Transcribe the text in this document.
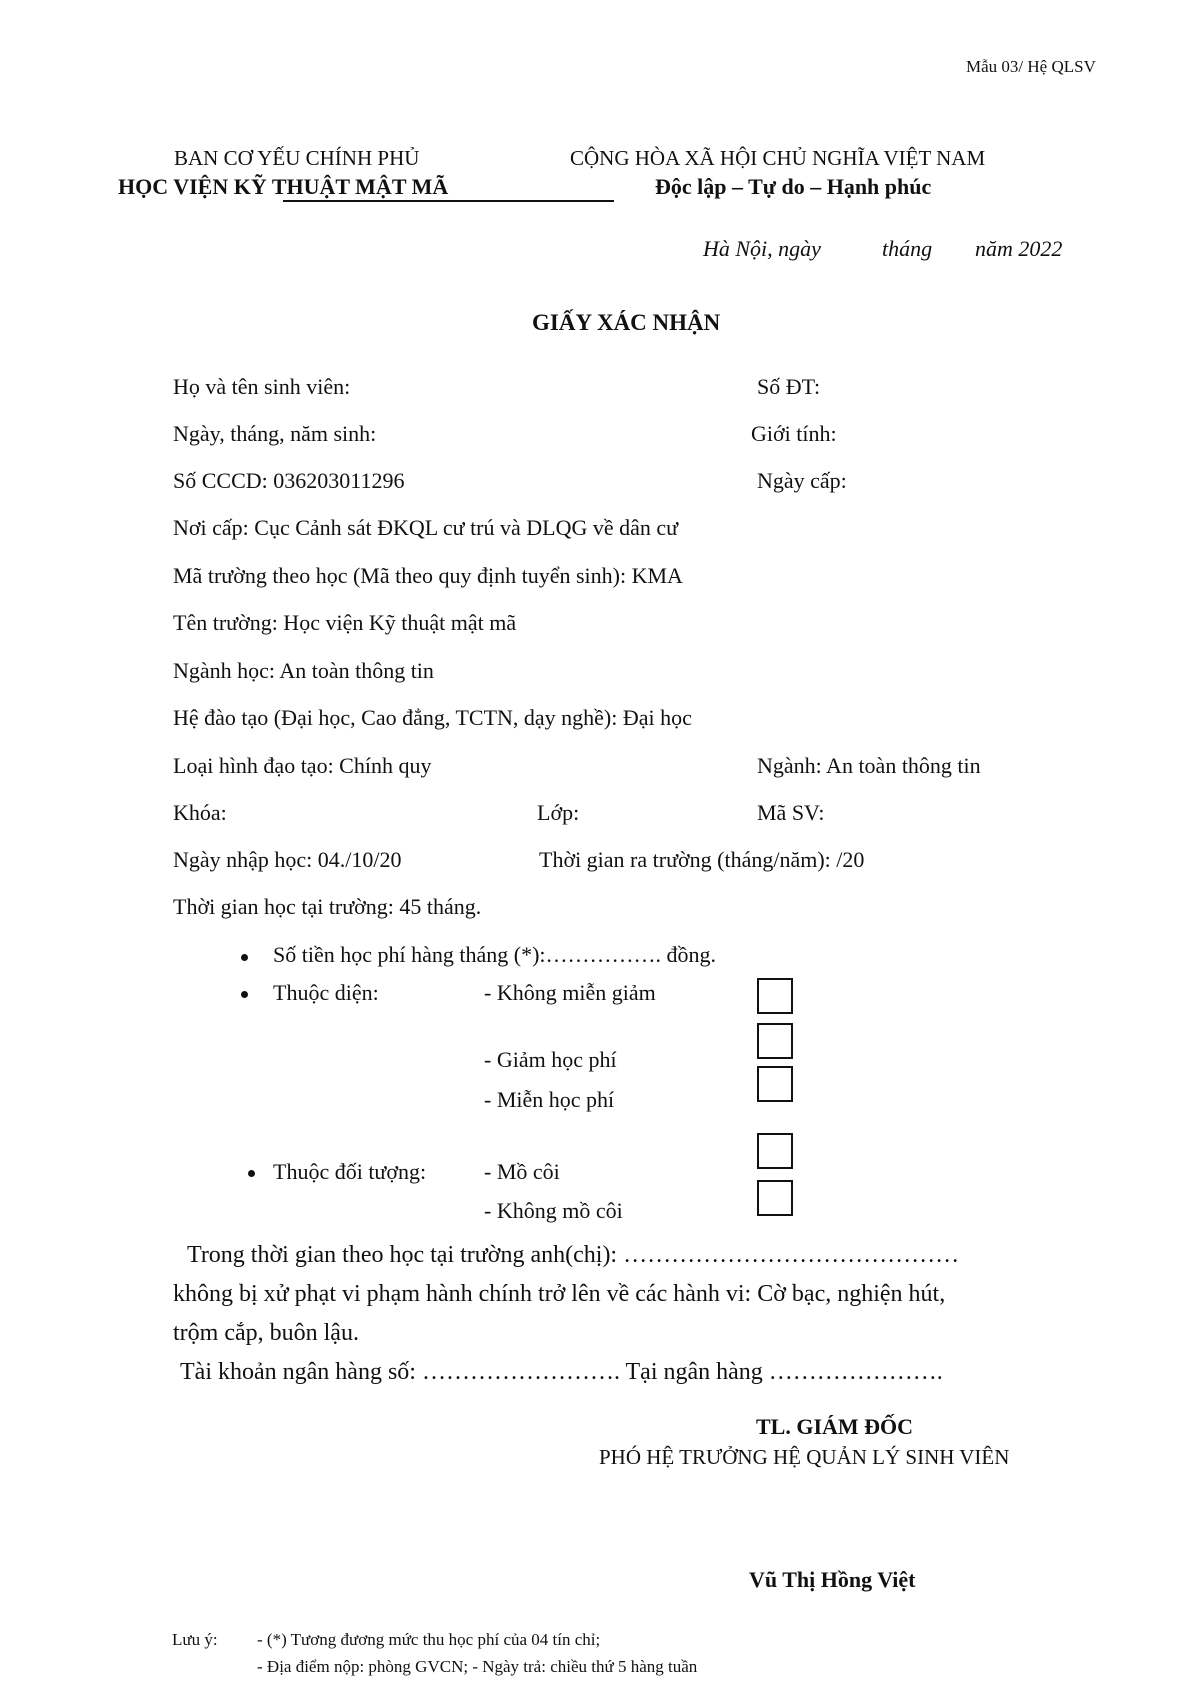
Mẫu 03/ Hệ QLSV
BAN CƠ YẾU CHÍNH PHỦ
HỌC VIỆN KỸ THUẬT MẬT MÃ
CỘNG HÒA XÃ HỘI CHỦ NGHĨA VIỆT NAM
Độc lập – Tự do – Hạnh phúc
Hà Nội, ngày	tháng năm 2022
GIẤY XÁC NHẬN
Họ và tên sinh viên:	Số ĐT:
Ngày, tháng, năm sinh:	Giới tính:
Số CCCD: 036203011296	Ngày cấp:
Nơi cấp: Cục Cảnh sát ĐKQL cư trú và DLQG về dân cư
Mã trường theo học (Mã theo quy định tuyển sinh): KMA
Tên trường: Học viện Kỹ thuật mật mã
Ngành học: An toàn thông tin
Hệ đào tạo (Đại học, Cao đẳng, TCTN, dạy nghề): Đại học
Loại hình đạo tạo: Chính quy	Ngành: An toàn thông tin
Khóa:	Lớp:	Mã SV:
Ngày nhập học: 04./10/20	Thời gian ra trường (tháng/năm): /20
Thời gian học tại trường: 45 tháng.
Số tiền học phí hàng tháng (*):……………. đồng.
Thuộc diện:	- Không miễn giảm
- Giảm học phí
- Miễn học phí
Thuộc đối tượng:	- Mồ côi
- Không mồ côi
Trong thời gian theo học tại trường anh(chị): ……………………………………
không bị xử phạt vi phạm hành chính trở lên về các hành vi: Cờ bạc, nghiện hút,
trộm cắp, buôn lậu.
Tài khoản ngân hàng số: ……………………. Tại ngân hàng ………………….
TL. GIÁM ĐỐC
PHÓ HỆ TRƯỞNG HỆ QUẢN LÝ SINH VIÊN
Vũ Thị Hồng Việt
Lưu ý: - (*) Tương đương mức thu học phí của 04 tín chỉ;
- Địa điểm nộp: phòng GVCN; - Ngày trả: chiều thứ 5 hàng tuần
